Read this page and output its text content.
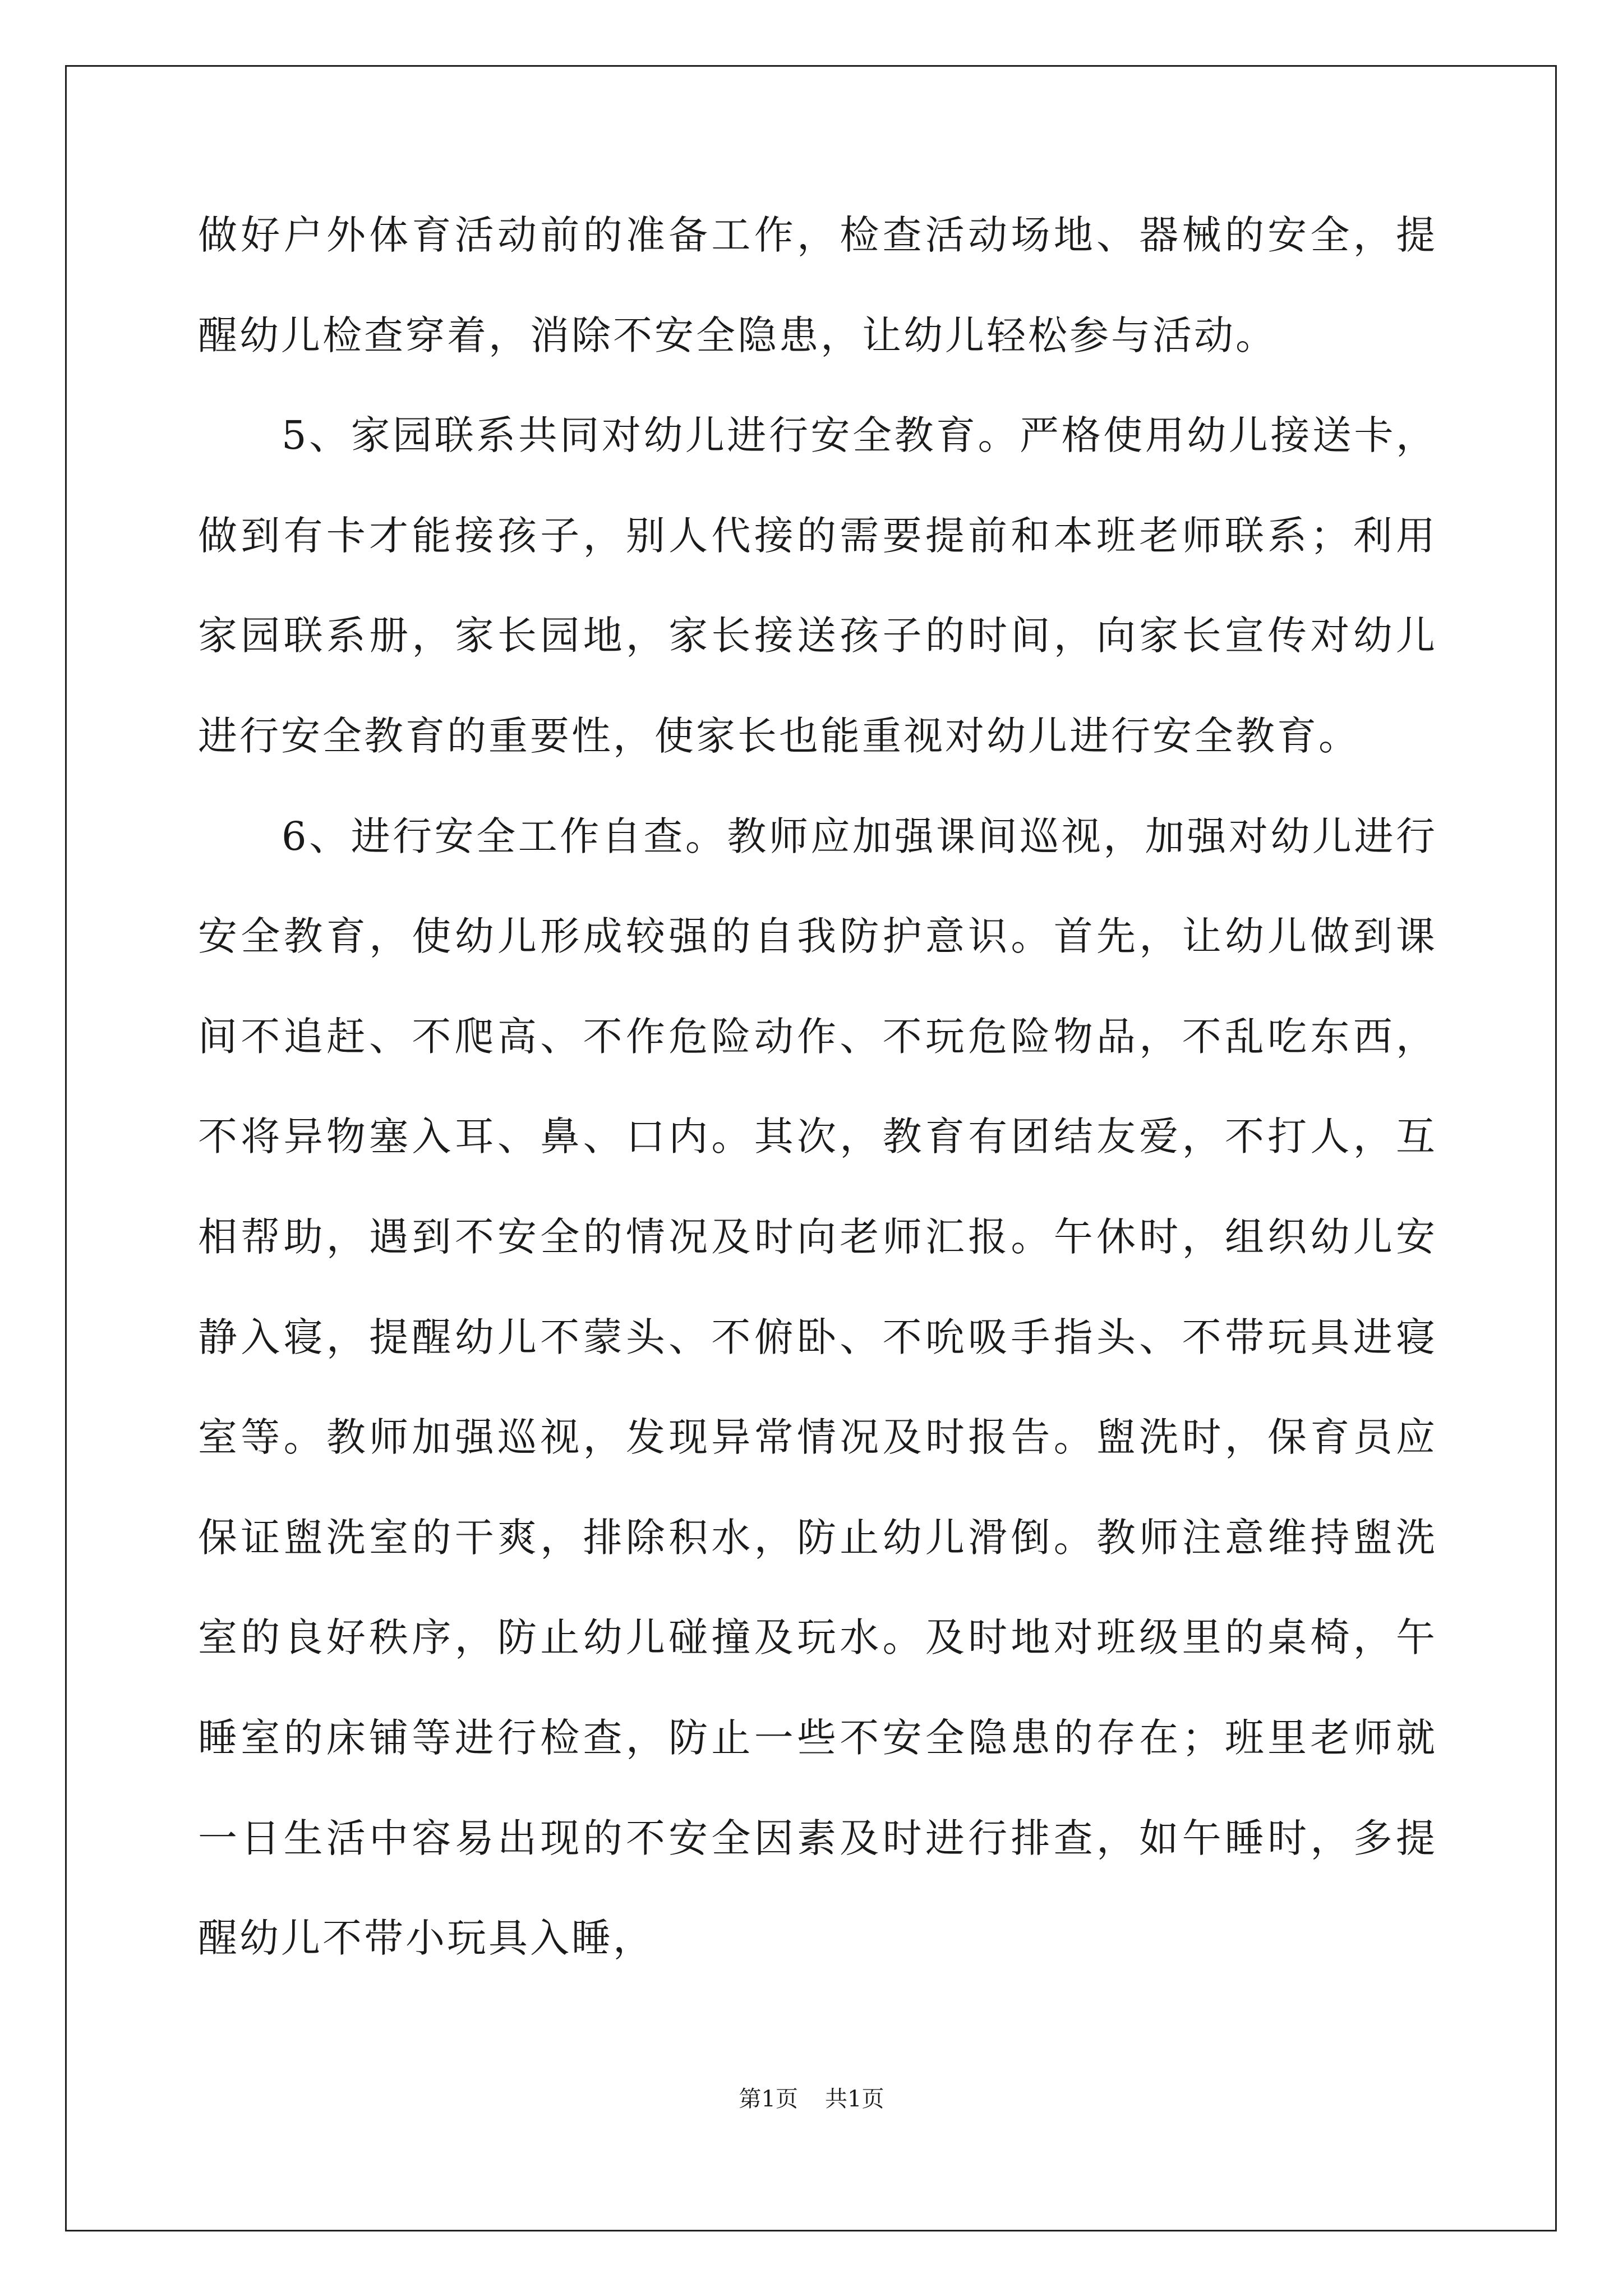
做好户外体育活动前的准备工作，检查活动场地、器械的安全，提醒幼儿检查穿着，消除不安全隐患，让幼儿轻松参与活动。

5、家园联系共同对幼儿进行安全教育。严格使用幼儿接送卡，做到有卡才能接孩子，别人代接的需要提前和本班老师联系；利用家园联系册，家长园地，家长接送孩子的时间，向家长宣传对幼儿进行安全教育的重要性，使家长也能重视对幼儿进行安全教育。

6、进行安全工作自查。教师应加强课间巡视，加强对幼儿进行安全教育，使幼儿形成较强的自我防护意识。首先，让幼儿做到课间不追赶、不爬高、不作危险动作、不玩危险物品，不乱吃东西，不将异物塞入耳、鼻、口内。其次，教育有团结友爱，不打人，互相帮助，遇到不安全的情况及时向老师汇报。午休时，组织幼儿安静入寝，提醒幼儿不蒙头、不俯卧、不吮吸手指头、不带玩具进寝室等。教师加强巡视，发现异常情况及时报告。盥洗时，保育员应保证盥洗室的干爽，排除积水，防止幼儿滑倒。教师注意维持盥洗室的良好秩序，防止幼儿碰撞及玩水。及时地对班级里的桌椅，午睡室的床铺等进行检查，防止一些不安全隐患的存在；班里老师就一日生活中容易出现的不安全因素及时进行排查，如午睡时，多提醒幼儿不带小玩具入睡，

第1页 共1页
